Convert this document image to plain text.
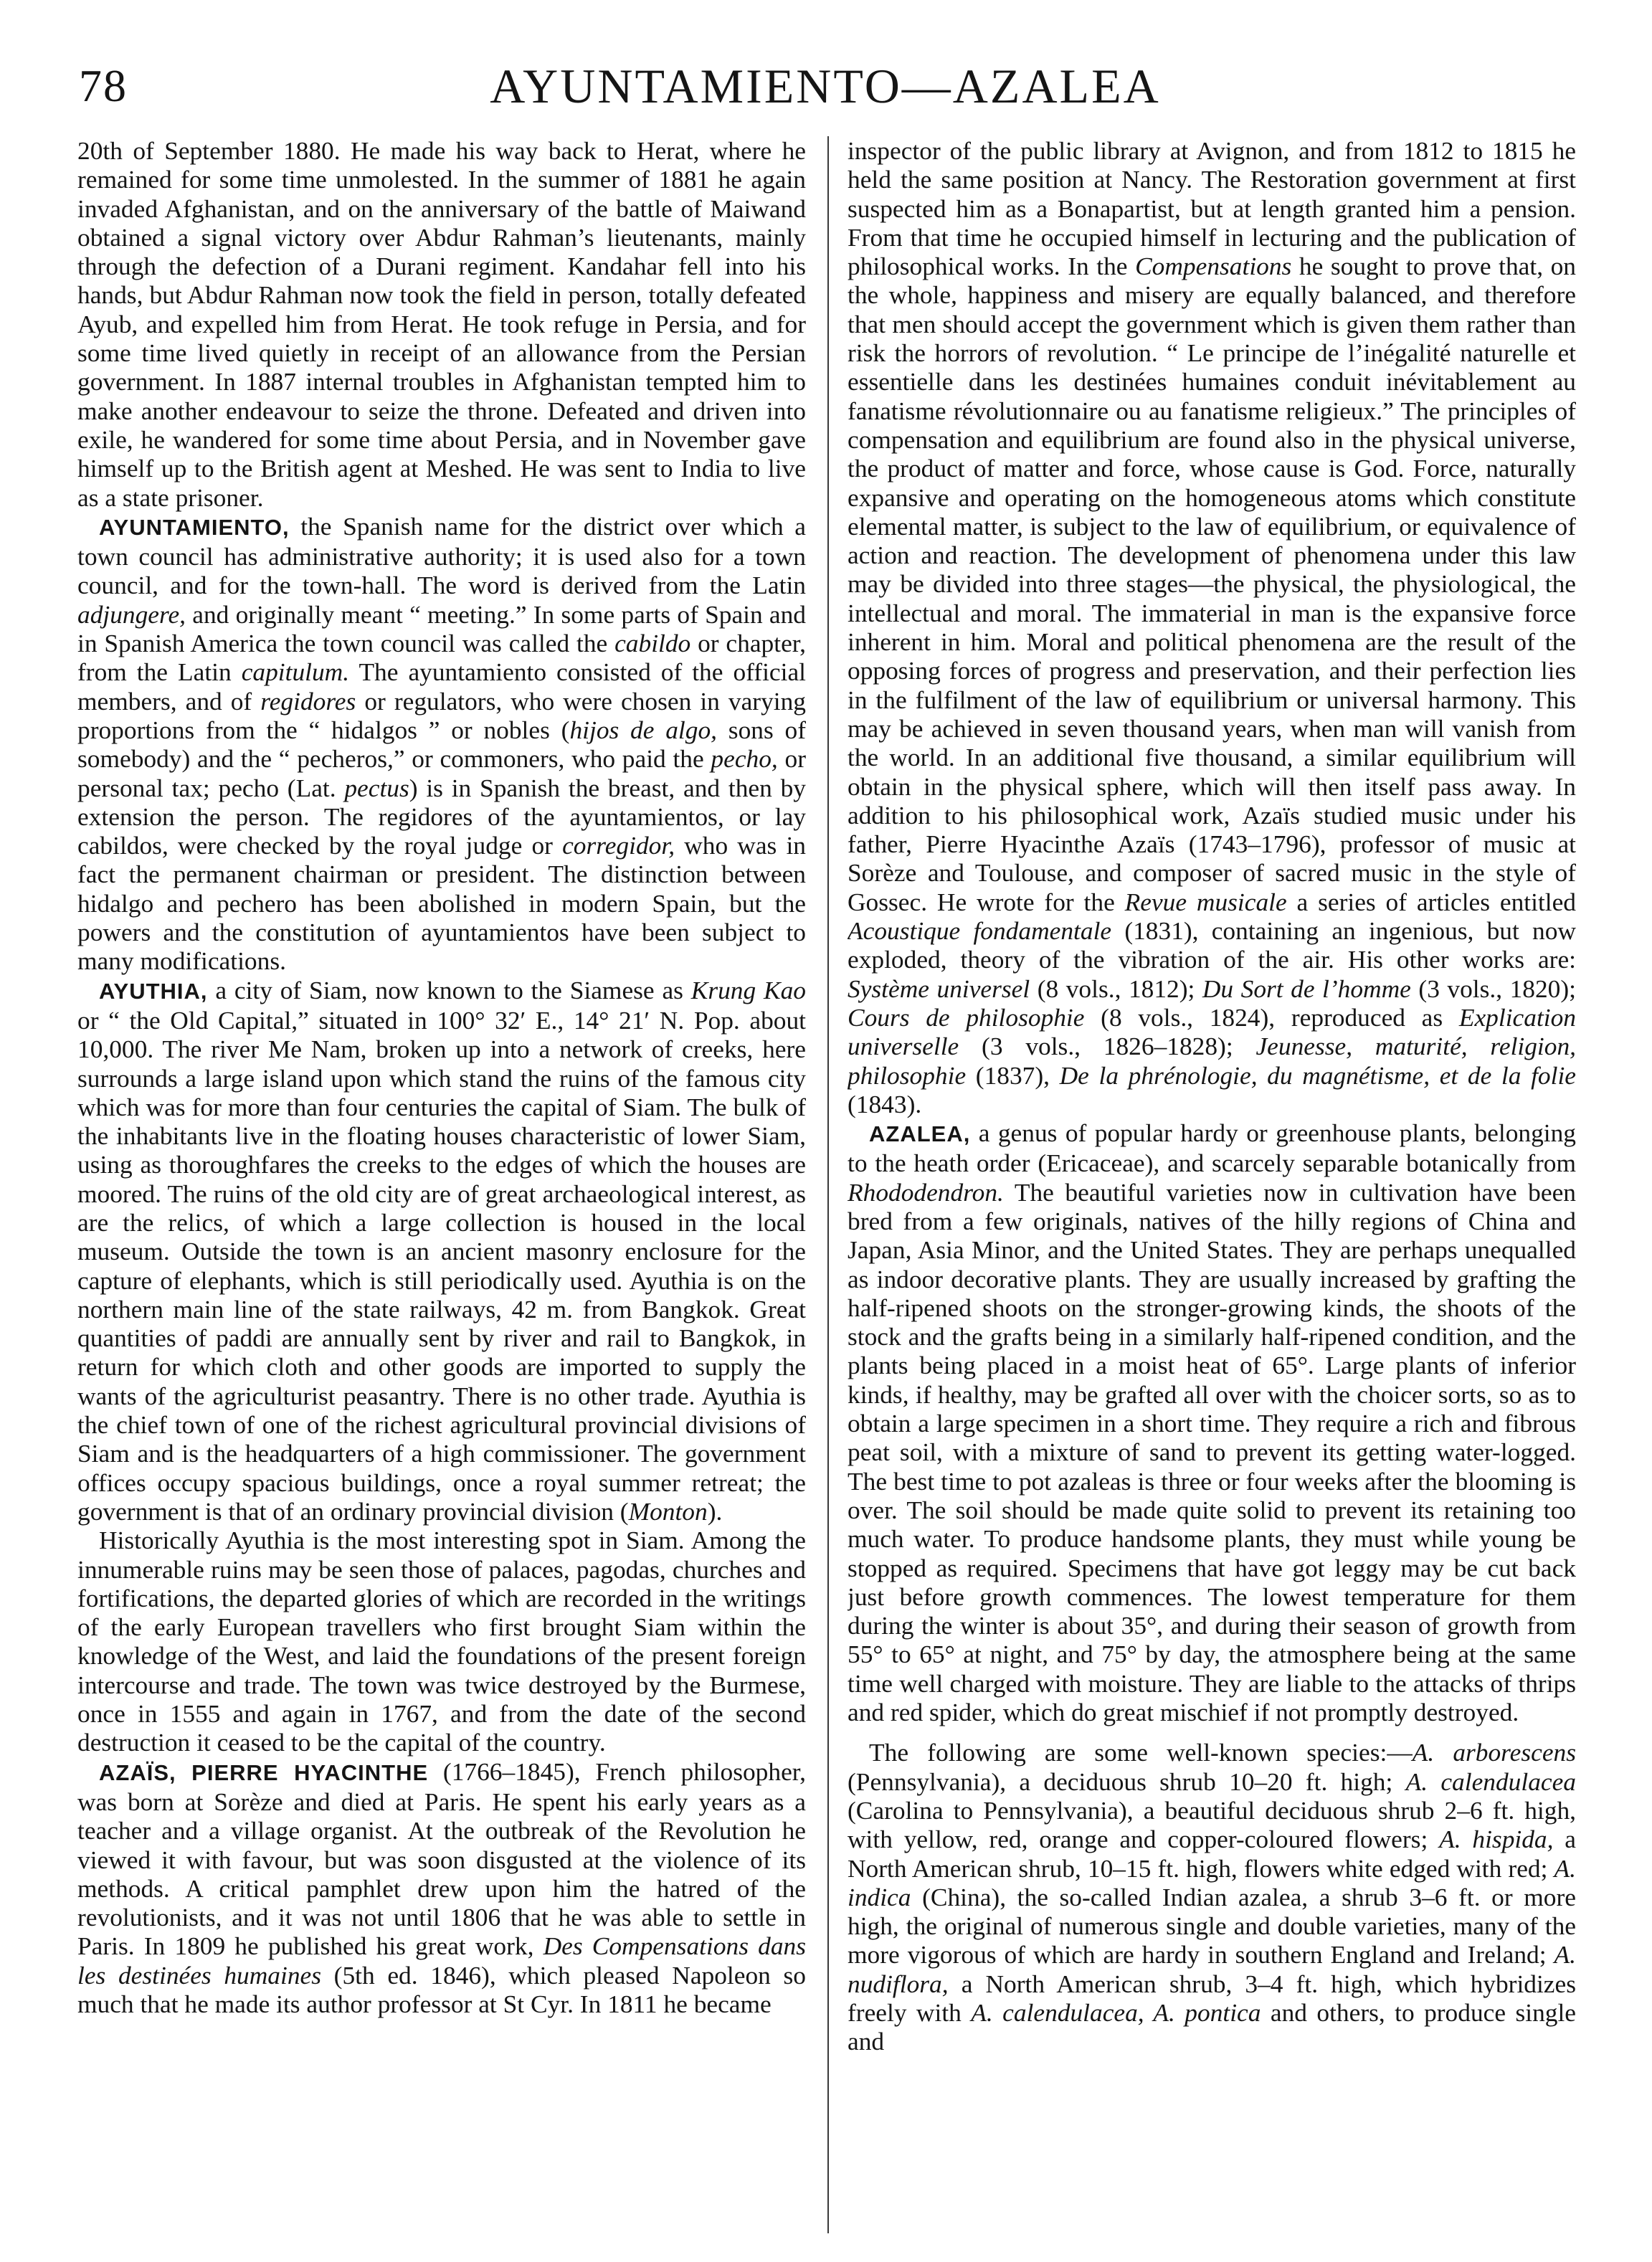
78	AYUNTAMIENTO—AZALEA

20th of September 1880. He made his way back to Herat, where he remained for some time unmolested. In the summer of 1881 he again invaded Afghanistan, and on the anniversary of the battle of Maiwand obtained a signal victory over Abdur Rahman’s lieutenants, mainly through the defection of a Durani regiment. Kandahar fell into his hands, but Abdur Rahman now took the field in person, totally defeated Ayub, and expelled him from Herat. He took refuge in Persia, and for some time lived quietly in receipt of an allowance from the Persian government. In 1887 internal troubles in Afghanistan tempted him to make another endeavour to seize the throne. Defeated and driven into exile, he wandered for some time about Persia, and in November gave himself up to the British agent at Meshed. He was sent to India to live as a state prisoner.

AYUNTAMIENTO, the Spanish name for the district over which a town council has administrative authority; it is used also for a town council, and for the town-hall. The word is derived from the Latin adjungere, and originally meant “ meeting.” In some parts of Spain and in Spanish America the town council was called the cabildo or chapter, from the Latin capitulum. The ayuntamiento consisted of the official members, and of regidores or regulators, who were chosen in varying proportions from the “ hidalgos ” or nobles (hijos de algo, sons of somebody) and the “ pecheros,” or commoners, who paid the pecho, or personal tax; pecho (Lat. pectus) is in Spanish the breast, and then by extension the person. The regidores of the ayuntamientos, or lay cabildos, were checked by the royal judge or corregidor, who was in fact the permanent chairman or president. The distinction between hidalgo and pechero has been abolished in modern Spain, but the powers and the constitution of ayuntamientos have been subject to many modifications.

AYUTHIA, a city of Siam, now known to the Siamese as Krung Kao or “ the Old Capital,” situated in 100° 32′ E., 14° 21′ N. Pop. about 10,000. The river Me Nam, broken up into a network of creeks, here surrounds a large island upon which stand the ruins of the famous city which was for more than four centuries the capital of Siam. The bulk of the inhabitants live in the floating houses characteristic of lower Siam, using as thoroughfares the creeks to the edges of which the houses are moored. The ruins of the old city are of great archaeological interest, as are the relics, of which a large collection is housed in the local museum. Outside the town is an ancient masonry enclosure for the capture of elephants, which is still periodically used. Ayuthia is on the northern main line of the state railways, 42 m. from Bangkok. Great quantities of paddi are annually sent by river and rail to Bangkok, in return for which cloth and other goods are imported to supply the wants of the agriculturist peasantry. There is no other trade. Ayuthia is the chief town of one of the richest agricultural provincial divisions of Siam and is the headquarters of a high commissioner. The government offices occupy spacious buildings, once a royal summer retreat; the government is that of an ordinary provincial division (Monton).

Historically Ayuthia is the most interesting spot in Siam. Among the innumerable ruins may be seen those of palaces, pagodas, churches and fortifications, the departed glories of which are recorded in the writings of the early European travellers who first brought Siam within the knowledge of the West, and laid the foundations of the present foreign intercourse and trade. The town was twice destroyed by the Burmese, once in 1555 and again in 1767, and from the date of the second destruction it ceased to be the capital of the country.

AZAÏS, PIERRE HYACINTHE (1766–1845), French philosopher, was born at Sorèze and died at Paris. He spent his early years as a teacher and a village organist. At the outbreak of the Revolution he viewed it with favour, but was soon disgusted at the violence of its methods. A critical pamphlet drew upon him the hatred of the revolutionists, and it was not until 1806 that he was able to settle in Paris. In 1809 he published his great work, Des Compensations dans les destinées humaines (5th ed. 1846), which pleased Napoleon so much that he made its author professor at St Cyr. In 1811 he became

inspector of the public library at Avignon, and from 1812 to 1815 he held the same position at Nancy. The Restoration government at first suspected him as a Bonapartist, but at length granted him a pension. From that time he occupied himself in lecturing and the publication of philosophical works. In the Compensations he sought to prove that, on the whole, happiness and misery are equally balanced, and therefore that men should accept the government which is given them rather than risk the horrors of revolution. “ Le principe de l’inégalité naturelle et essentielle dans les destinées humaines conduit inévitablement au fanatisme révolutionnaire ou au fanatisme religieux.” The principles of compensation and equilibrium are found also in the physical universe, the product of matter and force, whose cause is God. Force, naturally expansive and operating on the homogeneous atoms which constitute elemental matter, is subject to the law of equilibrium, or equivalence of action and reaction. The development of phenomena under this law may be divided into three stages—the physical, the physiological, the intellectual and moral. The immaterial in man is the expansive force inherent in him. Moral and political phenomena are the result of the opposing forces of progress and preservation, and their perfection lies in the fulfilment of the law of equilibrium or universal harmony. This may be achieved in seven thousand years, when man will vanish from the world. In an additional five thousand, a similar equilibrium will obtain in the physical sphere, which will then itself pass away. In addition to his philosophical work, Azaïs studied music under his father, Pierre Hyacinthe Azaïs (1743–1796), professor of music at Sorèze and Toulouse, and composer of sacred music in the style of Gossec. He wrote for the Revue musicale a series of articles entitled Acoustique fondamentale (1831), containing an ingenious, but now exploded, theory of the vibration of the air. His other works are: Système universel (8 vols., 1812); Du Sort de l’homme (3 vols., 1820); Cours de philosophie (8 vols., 1824), reproduced as Explication universelle (3 vols., 1826–1828); Jeunesse, maturité, religion, philosophie (1837), De la phrénologie, du magnétisme, et de la folie (1843).

AZALEA, a genus of popular hardy or greenhouse plants, belonging to the heath order (Ericaceae), and scarcely separable botanically from Rhododendron. The beautiful varieties now in cultivation have been bred from a few originals, natives of the hilly regions of China and Japan, Asia Minor, and the United States. They are perhaps unequalled as indoor decorative plants. They are usually increased by grafting the half-ripened shoots on the stronger-growing kinds, the shoots of the stock and the grafts being in a similarly half-ripened condition, and the plants being placed in a moist heat of 65°. Large plants of inferior kinds, if healthy, may be grafted all over with the choicer sorts, so as to obtain a large specimen in a short time. They require a rich and fibrous peat soil, with a mixture of sand to prevent its getting water-logged. The best time to pot azaleas is three or four weeks after the blooming is over. The soil should be made quite solid to prevent its retaining too much water. To produce handsome plants, they must while young be stopped as required. Specimens that have got leggy may be cut back just before growth commences. The lowest temperature for them during the winter is about 35°, and during their season of growth from 55° to 65° at night, and 75° by day, the atmosphere being at the same time well charged with moisture. They are liable to the attacks of thrips and red spider, which do great mischief if not promptly destroyed.

The following are some well-known species:—A. arborescens (Pennsylvania), a deciduous shrub 10–20 ft. high; A. calendulacea (Carolina to Pennsylvania), a beautiful deciduous shrub 2–6 ft. high, with yellow, red, orange and copper-coloured flowers; A. hispida, a North American shrub, 10–15 ft. high, flowers white edged with red; A. indica (China), the so-called Indian azalea, a shrub 3–6 ft. or more high, the original of numerous single and double varieties, many of the more vigorous of which are hardy in southern England and Ireland; A. nudiflora, a North American shrub, 3–4 ft. high, which hybridizes freely with A. calendulacea, A. pontica and others, to produce single and
